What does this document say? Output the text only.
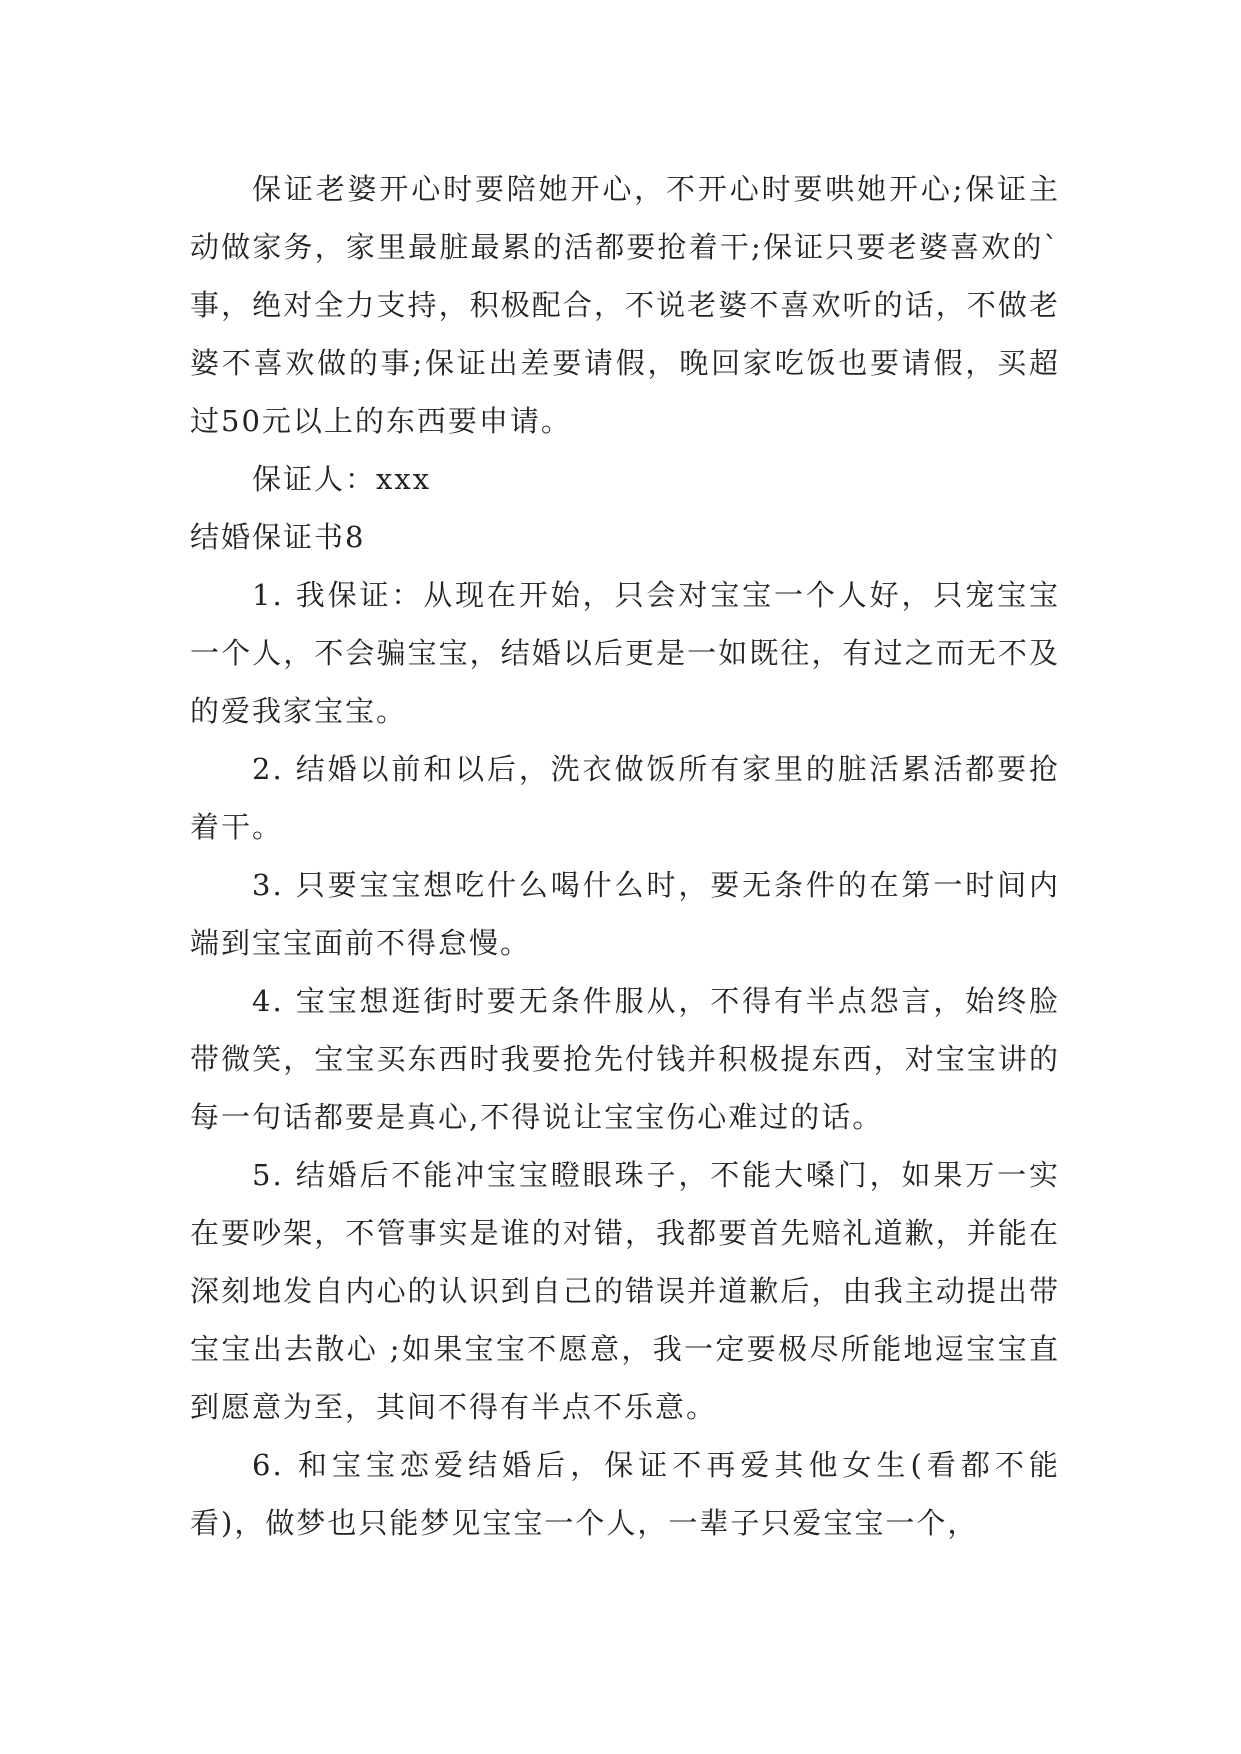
保证老婆开心时要陪她开心，不开心时要哄她开心;保证主动做家务，家里最脏最累的活都要抢着干;保证只要老婆喜欢的`事，绝对全力支持，积极配合，不说老婆不喜欢听的话，不做老婆不喜欢做的事;保证出差要请假，晚回家吃饭也要请假，买超过50元以上的东西要申请。

保证人：xxx

结婚保证书8

1. 我保证：从现在开始，只会对宝宝一个人好，只宠宝宝一个人，不会骗宝宝，结婚以后更是一如既往，有过之而无不及的爱我家宝宝。

2. 结婚以前和以后，洗衣做饭所有家里的脏活累活都要抢着干。

3. 只要宝宝想吃什么喝什么时，要无条件的在第一时间内端到宝宝面前不得怠慢。

4. 宝宝想逛街时要无条件服从，不得有半点怨言，始终脸带微笑，宝宝买东西时我要抢先付钱并积极提东西，对宝宝讲的每一句话都要是真心,不得说让宝宝伤心难过的话。

5. 结婚后不能冲宝宝瞪眼珠子，不能大嗓门，如果万一实在要吵架，不管事实是谁的对错，我都要首先赔礼道歉，并能在深刻地发自内心的认识到自己的错误并道歉后，由我主动提出带宝宝出去散心 ;如果宝宝不愿意，我一定要极尽所能地逗宝宝直到愿意为至，其间不得有半点不乐意。

6. 和宝宝恋爱结婚后，保证不再爱其他女生(看都不能看)，做梦也只能梦见宝宝一个人，一辈子只爱宝宝一个，
